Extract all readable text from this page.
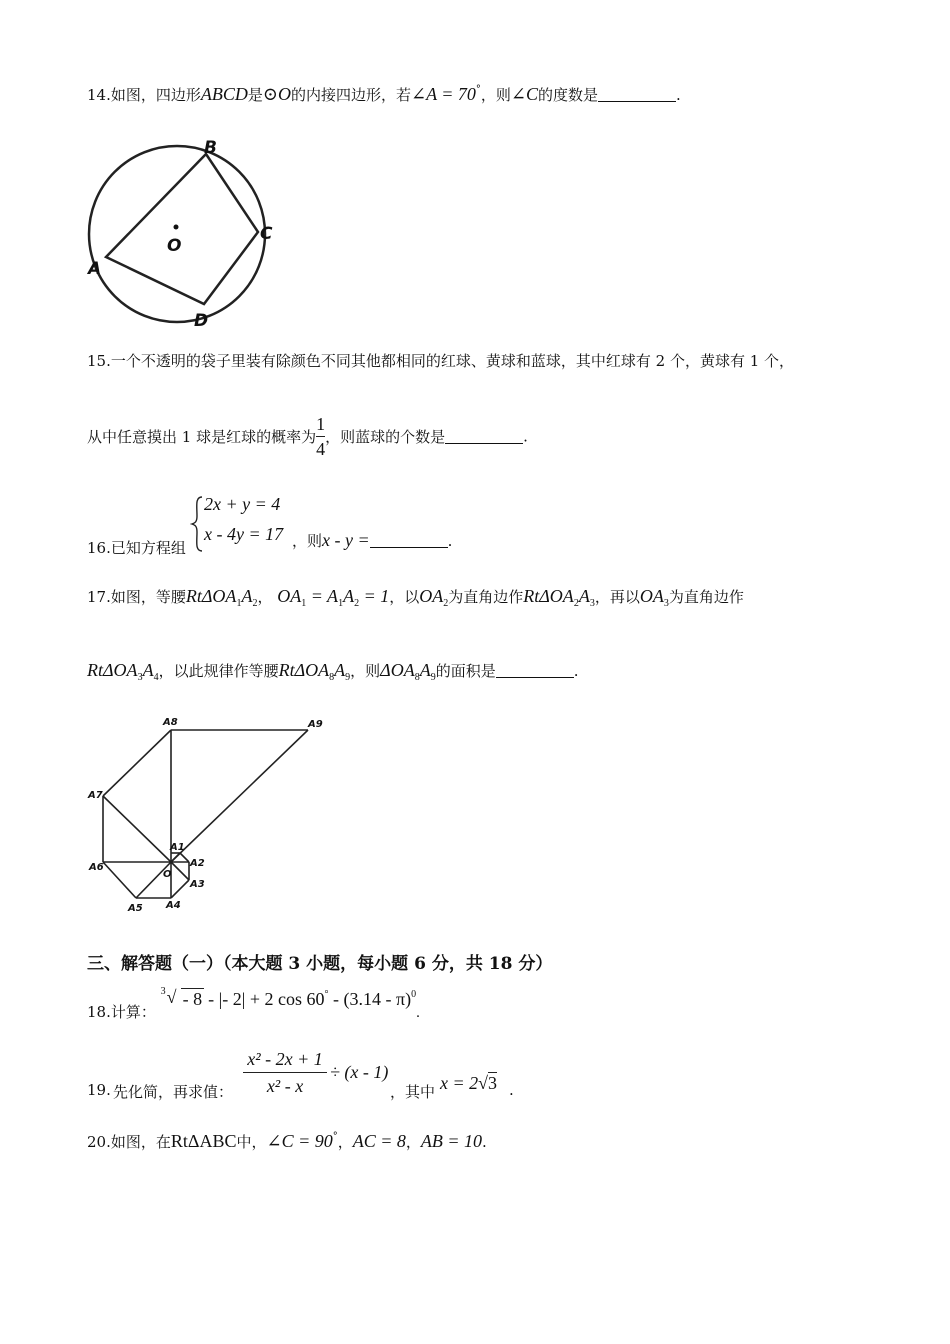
14.如图，四边形ABCD是⊙O的内接四边形，若∠A = 70°，则∠C的度数是	.
B
C
A
D
O
15.一个不透明的袋子里装有除颜色不同其他都相同的红球、黄球和蓝球，其中红球有 2 个，黄球有 1 个，
从中任意摸出 1 球是红球的概率为 $\frac{1}{4}$ ，则蓝球的个数是	.
2x + y = 4
x - 4y = 17
16.已知方程组	，则x - y =	.
17.如图，等腰$Rt\Delta OA_1A_2$， $OA_1 = A_1A_2 = 1$，以$OA_2$为直角边作$Rt\Delta OA_2A_3$，再以$OA_3$为直角边作
$Rt\Delta OA_3A_4$，以此规律作等腰$Rt\Delta OA_8A_9$，则$\Delta OA_8A_9$的面积是	.
A8	A9
A7
A1
A2
A6
O
A3
A5 A4
三、解答题（一）（本大题 3 小题，每小题 6 分，共 18 分）
18.计算：
3 √ - 8 - |- 2| + 2 cos 60° - (3.14 - π)$^0_.$
19. 先化简，再求值：
x² - 2x + 1
x² - x
÷ (x - 1)
，其中 x = 2√3 .
20.如图，在RtΔABC中，∠C = 90°，AC = 8，AB = 10.
